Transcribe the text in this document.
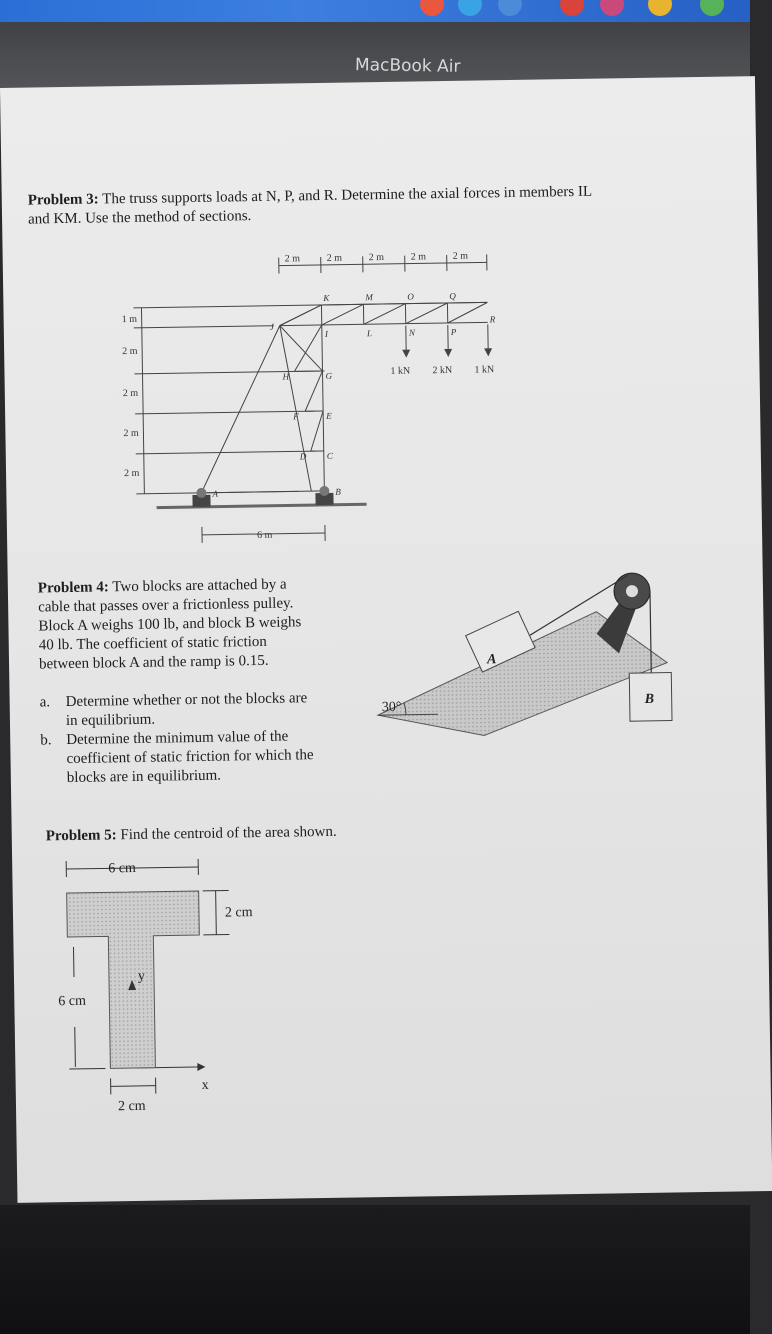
MacBook Air
Problem 3: The truss supports loads at N, P, and R. Determine the axial forces in members IL
and KM. Use the method of sections.
2 m	2 m	2 m	2 m	2 m
1 m
2 m
2 m
2 m
2 m
6 m
1 kN 2 kN 1 kN
K	M	O	Q
R
J
I	L	N	P
H	G
F	E
D C
A	B
Problem 4: Two blocks are attached by a
cable that passes over a frictionless pulley.
Block A weighs 100 lb, and block B weighs
40 lb. The coefficient of static friction
between block A and the ramp is 0.15.
a.	Determine whether or not the blocks are
in equilibrium.
b. Determine the minimum value of the
coefficient of static friction for which the
blocks are in equilibrium.
30°
A
B
Problem 5: Find the centroid of the area shown.
6 cm
2 cm
6 cm
2 cm
y
x
